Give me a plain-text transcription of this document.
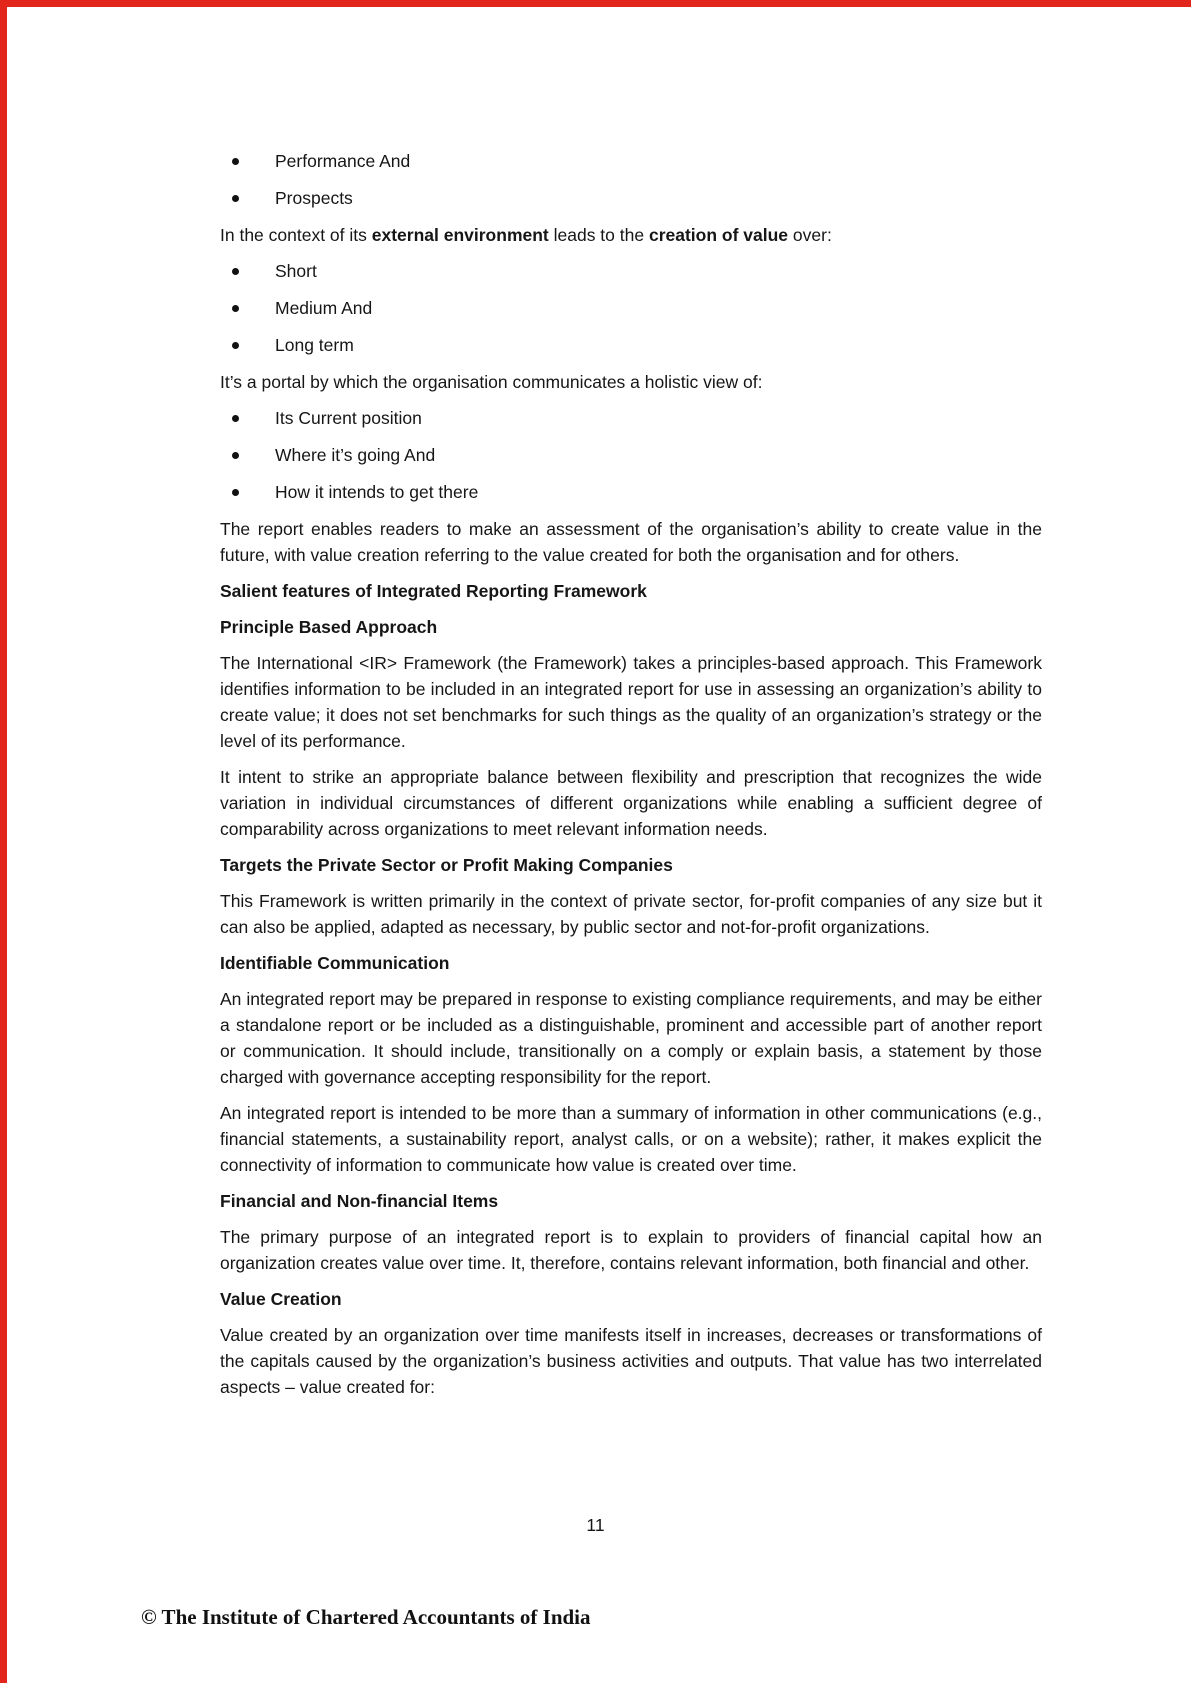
Performance And
Prospects

In the context of its external environment leads to the creation of value over:

Short
Medium And
Long term

It’s a portal by which the organisation communicates a holistic view of:

Its Current position
Where it’s going And
How it intends to get there

The report enables readers to make an assessment of the organisation’s ability to create value in the future, with value creation referring to the value created for both the organisation and for others.

Salient features of Integrated Reporting Framework
Principle Based Approach

The International <IR> Framework (the Framework) takes a principles-based approach. This Framework identifies information to be included in an integrated report for use in assessing an organization’s ability to create value; it does not set benchmarks for such things as the quality of an organization’s strategy or the level of its performance.

It intent to strike an appropriate balance between flexibility and prescription that recognizes the wide variation in individual circumstances of different organizations while enabling a sufficient degree of comparability across organizations to meet relevant information needs.

Targets the Private Sector or Profit Making Companies

This Framework is written primarily in the context of private sector, for-profit companies of any size but it can also be applied, adapted as necessary, by public sector and not-for-profit organizations.

Identifiable Communication

An integrated report may be prepared in response to existing compliance requirements, and may be either a standalone report or be included as a distinguishable, prominent and accessible part of another report or communication. It should include, transitionally on a comply or explain basis, a statement by those charged with governance accepting responsibility for the report.

An integrated report is intended to be more than a summary of information in other communications (e.g., financial statements, a sustainability report, analyst calls, or on a website); rather, it makes explicit the connectivity of information to communicate how value is created over time.

Financial and Non-financial Items

The primary purpose of an integrated report is to explain to providers of financial capital how an organization creates value over time. It, therefore, contains relevant information, both financial and other.

Value Creation

Value created by an organization over time manifests itself in increases, decreases or transformations of the capitals caused by the organization’s business activities and outputs. That value has two interrelated aspects – value created for:

11
© The Institute of Chartered Accountants of India
